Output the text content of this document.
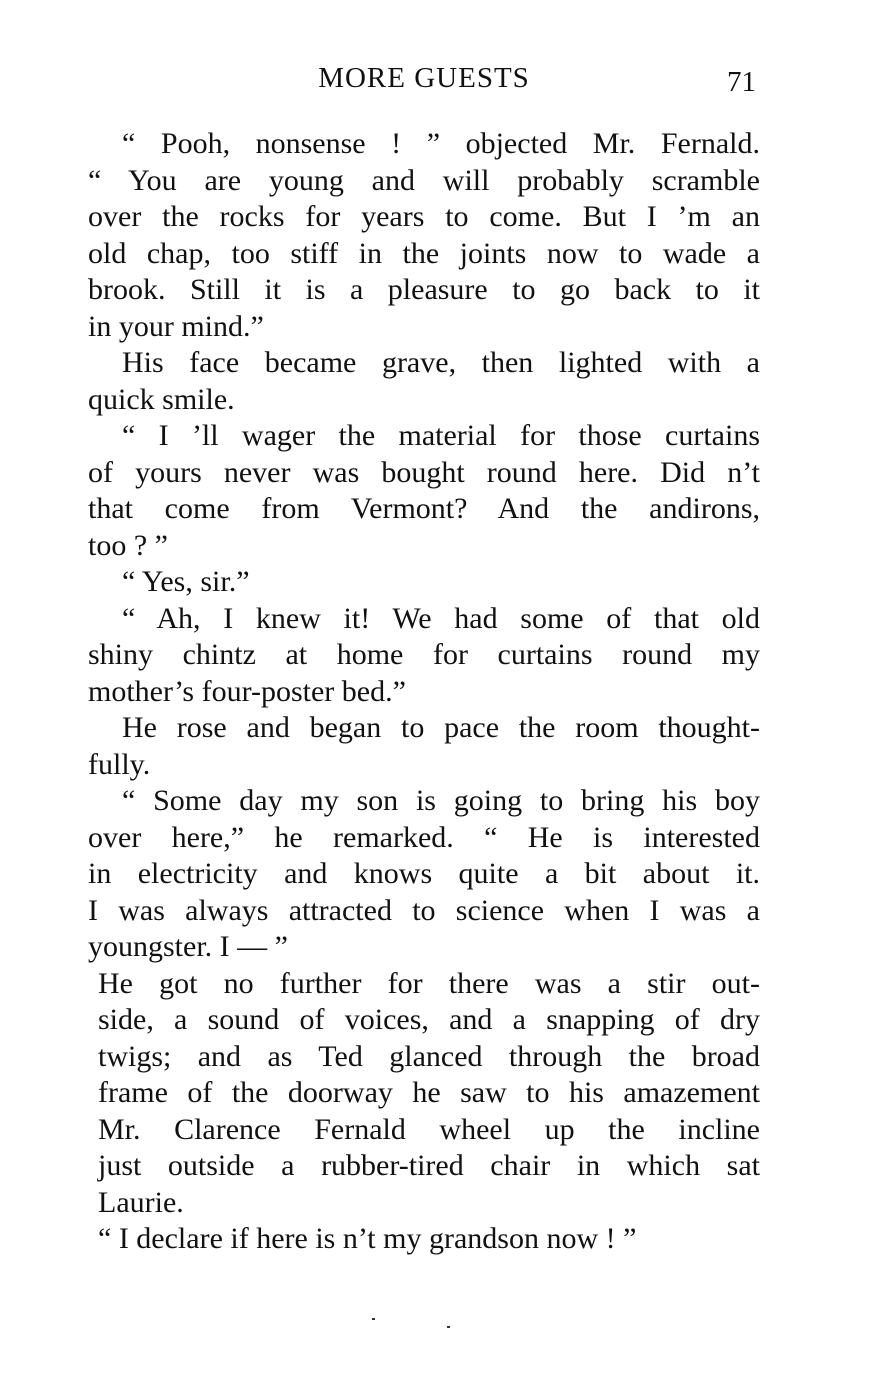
MORE GUESTS	71
“ Pooh, nonsense ! ” objected Mr. Fernald.
“ You are young and will probably scramble
over the rocks for years to come. But I ’m an
old chap, too stiff in the joints now to wade a
brook. Still it is a pleasure to go back to it
in your mind.”
His face became grave, then lighted with a
quick smile.
“ I ’ll wager the material for those curtains
of yours never was bought round here. Did n’t
that come from Vermont? And the andirons,
too ? ”
“ Yes, sir.”
“ Ah, I knew it! We had some of that old
shiny chintz at home for curtains round my
mother’s four-poster bed.”
He rose and began to pace the room thought-
fully.
“ Some day my son is going to bring his boy
over here,” he remarked. “ He is interested
in electricity and knows quite a bit about it.
I was always attracted to science when I was a
youngster. I — ”
He got no further for there was a stir out-
side, a sound of voices, and a snapping of dry
twigs; and as Ted glanced through the broad
frame of the doorway he saw to his amazement
Mr. Clarence Fernald wheel up the incline
just outside a rubber-tired chair in which sat
Laurie.
“ I declare if here is n’t my grandson now ! ”
